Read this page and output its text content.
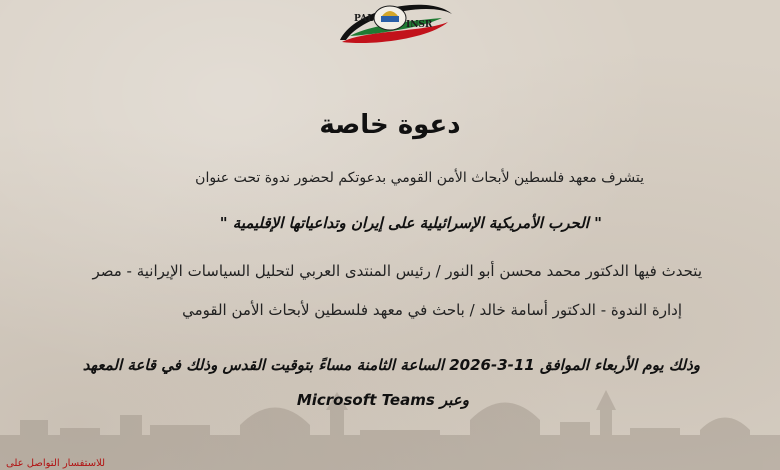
PAL
INSR
دعوة خاصة
يتشرف معهد فلسطين لأبحاث الأمن القومي بدعوتكم لحضور ندوة تحت عنوان
" الحرب الأمريكية الإسرائيلية على إيران وتداعياتها الإقليمية "
يتحدث فيها الدكتور محمد محسن أبو النور / رئيس المنتدى العربي لتحليل السياسات الإيرانية - مصر
إدارة الندوة - الدكتور أسامة خالد / باحث في معهد فلسطين لأبحاث الأمن القومي
وذلك يوم الأربعاء الموافق 11-3-2026 الساعة الثامنة مساءً بتوقيت القدس وذلك في قاعة المعهد
وعبر Microsoft Teams
للاستفسار التواصل على
